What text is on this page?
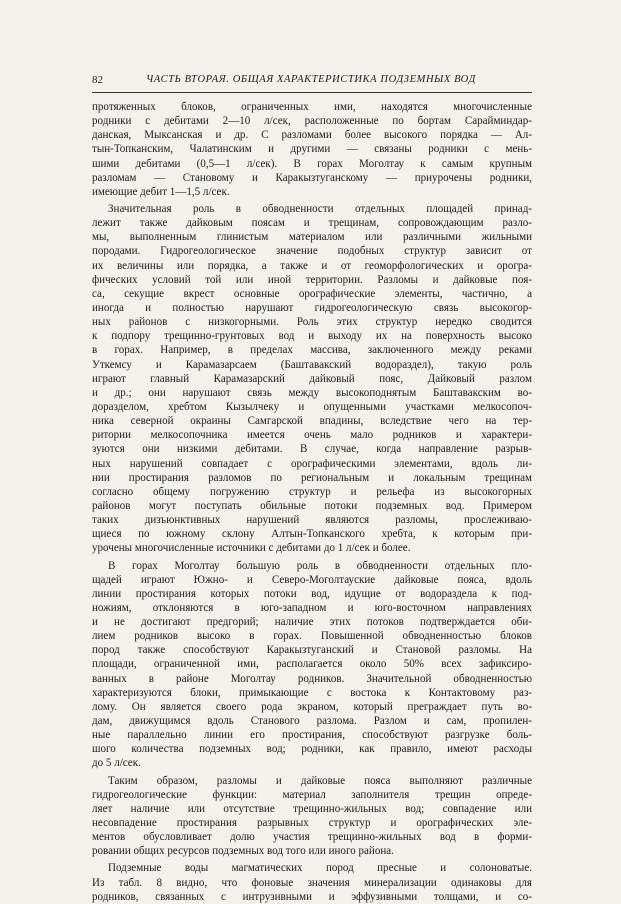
82	ЧАСТЬ ВТОРАЯ. ОБЩАЯ ХАРАКТЕРИСТИКА ПОДЗЕМНЫХ ВОД
протяженных блоков, ограниченных ими, находятся многочисленные
родники с дебитами 2—10 л/сек, расположенные по бортам Сарайминдар-
данская, Мыксанская и др. С разломами более высокого порядка — Ал-
тын-Топканским, Чалатинским и другими — связаны родники с мень-
шими дебитами (0,5—1 л/сек). В горах Моголтау к самым крупным
разломам — Становому и Каракызтуганскому — приурочены родники,
имеющие дебит 1—1,5 л/сек.
Значительная роль в обводненности отдельных площадей принад-
лежит также дайковым поясам и трещинам, сопровождающим разло-
мы, выполненным глинистым материалом или различными жильными
породами. Гидрогеологическое значение подобных структур зависит от
их величины или порядка, а также и от геоморфологических и орогра-
фических условий той или иной территории. Разломы и дайковые поя-
са, секущие вкрест основные орографические элементы, частично, а
иногда и полностью нарушают гидрогеологическую связь высокогор-
ных районов с низкогорными. Роль этих структур нередко сводится
к подпору трещинно-грунтовых вод и выходу их на поверхность высоко
в горах. Например, в пределах массива, заключенного между реками
Уткемсу и Карамазарсаем (Баштавакский водораздел), такую роль
играют главный Карамазарский дайковый пояс, Дайковый разлом
и др.; они нарушают связь между высокоподнятым Баштавакским во-
доразделом, хребтом Кызылчеку и опущенными участками мелкосопоч-
ника северной окраины Самгарской впадины, вследствие чего на тер-
ритории мелкосопочника имеется очень мало родников и характери-
зуются они низкими дебитами. В случае, когда направление разрыв-
ных нарушений совпадает с орографическими элементами, вдоль ли-
нии простирания разломов по региональным и локальным трещинам
согласно общему погружению структур и рельефа из высокогорных
районов могут поступать обильные потоки подземных вод. Примером
таких дизъюнктивных нарушений являются разломы, прослеживаю-
щиеся по южному склону Алтын-Топканского хребта, к которым при-
урочены многочисленные источники с дебитами до 1 л/сек и более.
В горах Моголтау большую роль в обводненности отдельных пло-
щадей играют Южно- и Северо-Моголтауские дайковые пояса, вдоль
линии простирания которых потоки вод, идущие от водораздела к под-
ножиям, отклоняются в юго-западном и юго-восточном направлениях
и не достигают предгорий; наличие этих потоков подтверждается оби-
лием родников высоко в горах. Повышенной обводненностью блоков
пород также способствуют Каракызтуганский и Становой разломы. На
площади, ограниченной ими, располагается около 50% всех зафиксиро-
ванных в районе Моголтау родников. Значительной обводненностью
характеризуются блоки, примыкающие с востока к Контактовому раз-
лому. Он является своего рода экраном, который преграждает путь во-
дам, движущимся вдоль Станового разлома. Разлом и сам, пропилен-
ные параллельно линии его простирания, способствуют разгрузке боль-
шого количества подземных вод; родники, как правило, имеют расходы
до 5 л/сек.
Таким образом, разломы и дайковые пояса выполняют различные
гидрогеологические функции: материал заполнителя трещин опреде-
ляет наличие или отсутствие трещинно-жильных вод; совпадение или
несовпадение простирания разрывных структур и орографических эле-
ментов обусловливает долю участия трещинно-жильных вод в форми-
ровании общих ресурсов подземных вод того или иного района.
Подземные воды магматических пород пресные и солоноватые.
Из табл. 8 видно, что фоновые значения минерализации одинаковы для
родников, связанных с интрузивными и эффузивными толщами, и со-
